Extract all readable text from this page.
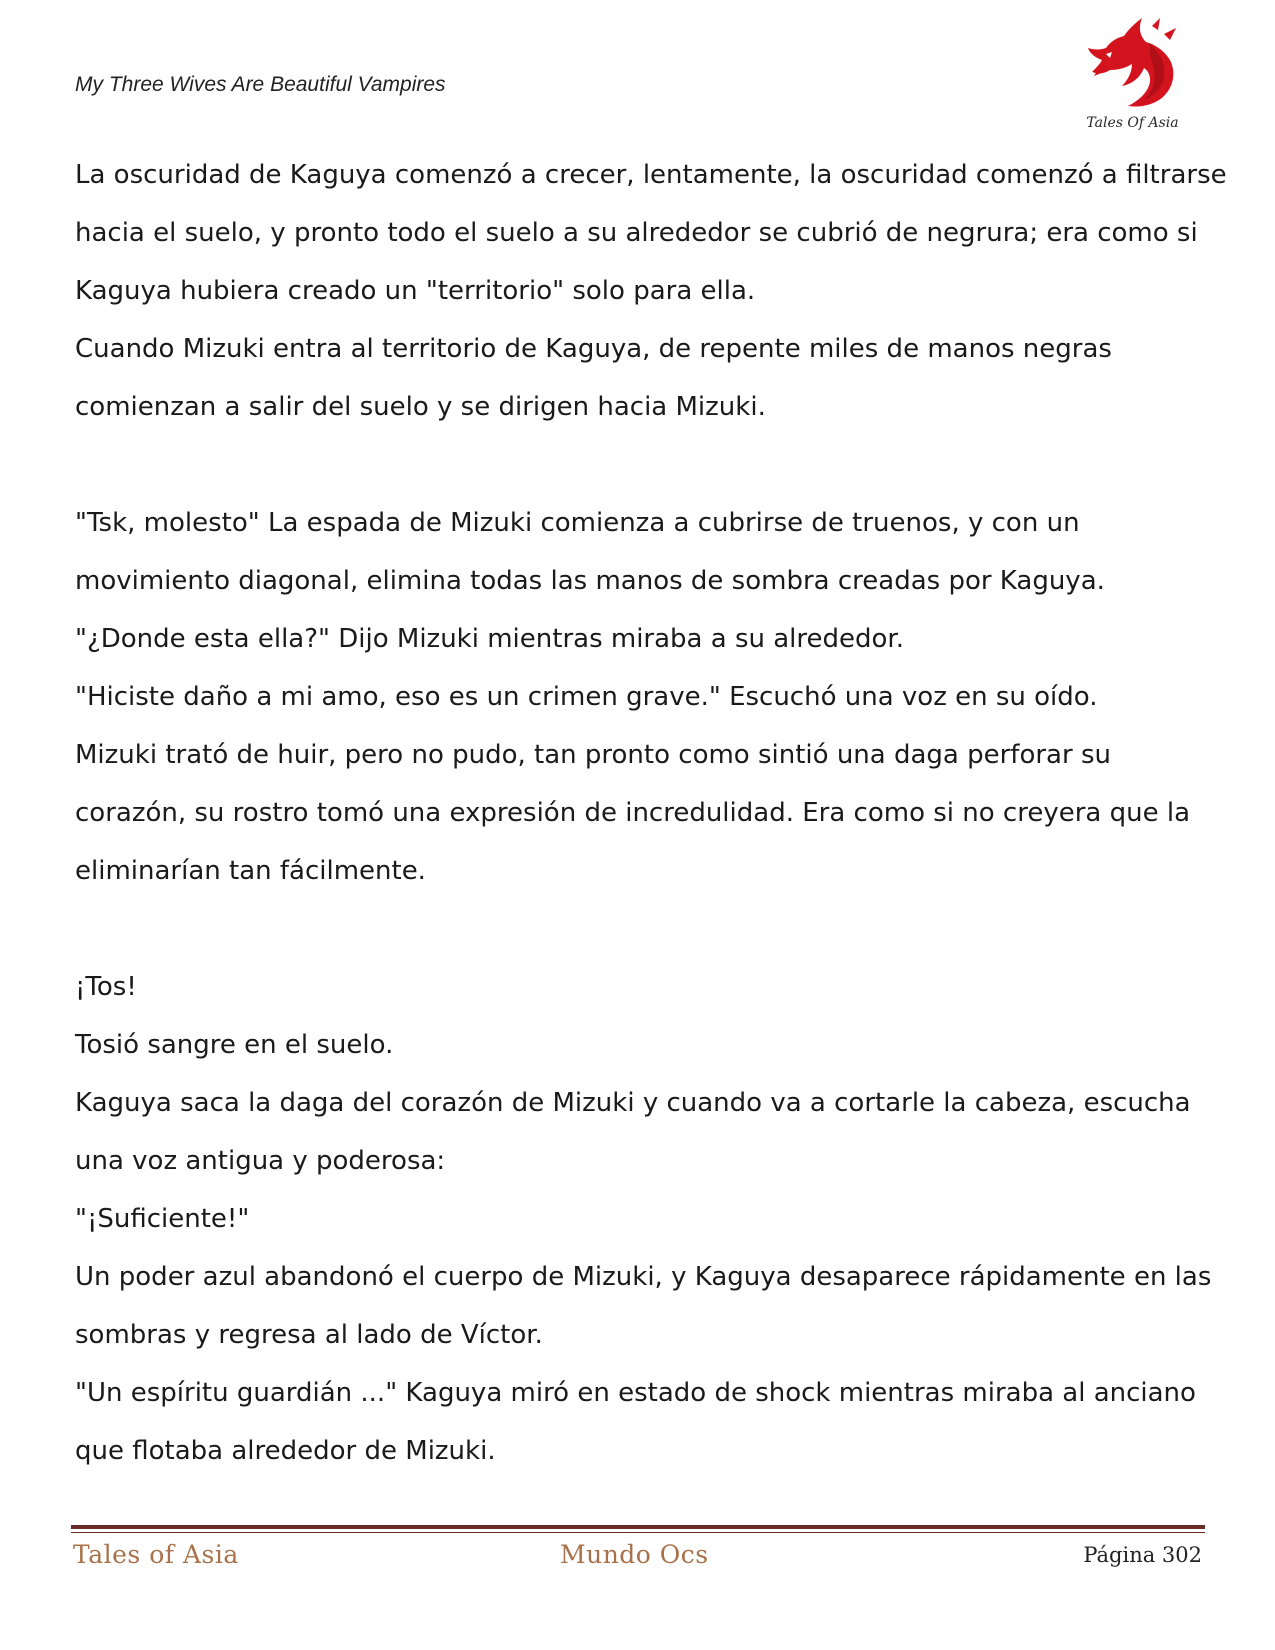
My Three Wives Are Beautiful Vampires
Tales Of Asia
La oscuridad de Kaguya comenzó a crecer, lentamente, la oscuridad comenzó a filtrarse
hacia el suelo, y pronto todo el suelo a su alrededor se cubrió de negrura; era como si
Kaguya hubiera creado un "territorio" solo para ella.
Cuando Mizuki entra al territorio de Kaguya, de repente miles de manos negras
comienzan a salir del suelo y se dirigen hacia Mizuki.

"Tsk, molesto" La espada de Mizuki comienza a cubrirse de truenos, y con un
movimiento diagonal, elimina todas las manos de sombra creadas por Kaguya.
"¿Donde esta ella?" Dijo Mizuki mientras miraba a su alrededor.
"Hiciste daño a mi amo, eso es un crimen grave." Escuchó una voz en su oído.
Mizuki trató de huir, pero no pudo, tan pronto como sintió una daga perforar su
corazón, su rostro tomó una expresión de incredulidad. Era como si no creyera que la
eliminarían tan fácilmente.

¡Tos!
Tosió sangre en el suelo.
Kaguya saca la daga del corazón de Mizuki y cuando va a cortarle la cabeza, escucha
una voz antigua y poderosa:
"¡Suficiente!"
Un poder azul abandonó el cuerpo de Mizuki, y Kaguya desaparece rápidamente en las
sombras y regresa al lado de Víctor.
"Un espíritu guardián ..." Kaguya miró en estado de shock mientras miraba al anciano
que flotaba alrededor de Mizuki.
Tales of Asia	Mundo Ocs	Página 302
